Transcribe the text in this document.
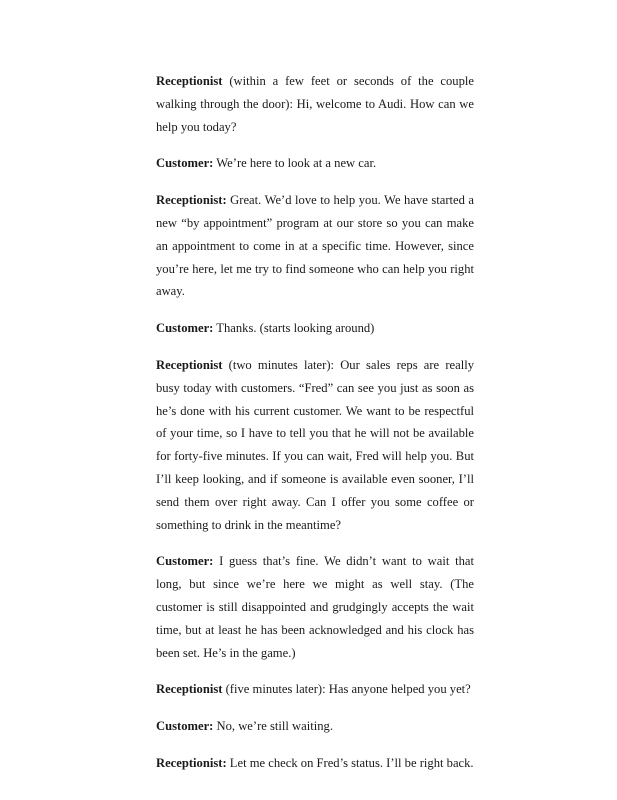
Receptionist (within a few feet or seconds of the couple walking through the door): Hi, welcome to Audi. How can we help you today?

Customer: We’re here to look at a new car.

Receptionist: Great. We’d love to help you. We have started a new “by appointment” program at our store so you can make an appointment to come in at a specific time. However, since you’re here, let me try to find someone who can help you right away.

Customer: Thanks. (starts looking around)

Receptionist (two minutes later): Our sales reps are really busy today with customers. “Fred” can see you just as soon as he’s done with his current customer. We want to be respectful of your time, so I have to tell you that he will not be available for forty-five minutes. If you can wait, Fred will help you. But I’ll keep looking, and if someone is available even sooner, I’ll send them over right away. Can I offer you some coffee or something to drink in the meantime?

Customer: I guess that’s fine. We didn’t want to wait that long, but since we’re here we might as well stay. (The customer is still disappointed and grudgingly accepts the wait time, but at least he has been acknowledged and his clock has been set. He’s in the game.)

Receptionist (five minutes later): Has anyone helped you yet?

Customer: No, we’re still waiting.

Receptionist: Let me check on Fred’s status. I’ll be right back.
